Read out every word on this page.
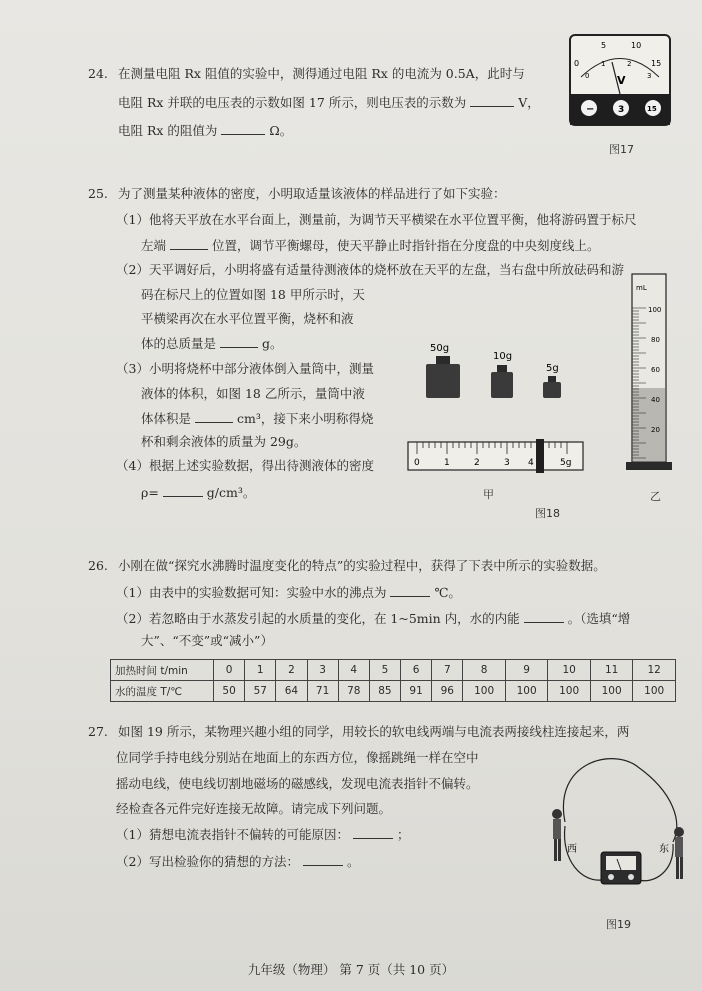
24. 在测量电阻 Rx 阻值的实验中，测得通过电阻 Rx 的电流为 0.5A，此时与
电阻 Rx 并联的电压表的示数如图 17 所示，则电压表的示数为	V，
电阻 Rx 的阻值为	Ω。
0
5	10
15
0
1	2
3
V
−	3	15
图17
25. 为了测量某种液体的密度，小明取适量该液体的样品进行了如下实验：
（1）他将天平放在水平台面上，测量前，为调节天平横梁在水平位置平衡，他将游码置于标尺
左端	位置，调节平衡螺母，使天平静止时指针指在分度盘的中央刻度线上。
（2）天平调好后，小明将盛有适量待测液体的烧杯放在天平的左盘，当右盘中所放砝码和游
码在标尺上的位置如图 18 甲所示时，天
平横梁再次在水平位置平衡，烧杯和液
体的总质量是	g。
（3）小明将烧杯中部分液体倒入量筒中，测量
液体的体积，如图 18 乙所示，量筒中液
体体积是	cm³，接下来小明称得烧
杯和剩余液体的质量为 29g。
（4）根据上述实验数据，得出待测液体的密度
ρ=	g/cm³。
50g
10g
5g
0	1	2	3 4	5g
甲
mL
100
80
60
40
20
乙
图18
26. 小刚在做“探究水沸腾时温度变化的特点”的实验过程中，获得了下表中所示的实验数据。
（1）由表中的实验数据可知：实验中水的沸点为	℃。
（2）若忽略由于水蒸发引起的水质量的变化，在 1~5min 内，水的内能	。（选填“增
大”、“不变”或“减小”）
加热时间 t/min	0	1	2	3	4	5	6	7	8	9	10	11	12
水的温度 T/℃	50	57	64	71	78	85	91	96	100	100	100	100	100
27. 如图 19 所示，某物理兴趣小组的同学，用较长的软电线两端与电流表两接线柱连接起来，两
位同学手持电线分别站在地面上的东西方位，像摇跳绳一样在空中
摇动电线，使电线切割地磁场的磁感线，发现电流表指针不偏转。
经检查各元件完好连接无故障。请完成下列问题。
（1）猜想电流表指针不偏转的可能原因：	；
（2）写出检验你的猜想的方法：	。
西	东
图19
九年级（物理） 第 7 页（共 10 页）
